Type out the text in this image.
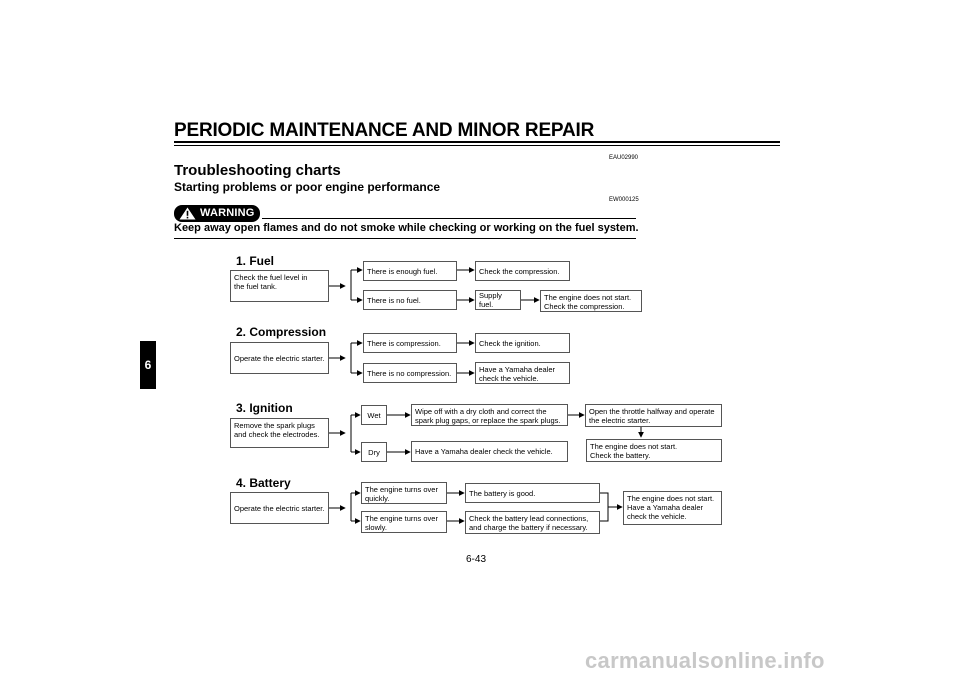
PERIODIC MAINTENANCE AND MINOR REPAIR
EAU02990
Troubleshooting charts
Starting problems or poor engine performance
EW000125
WARNING
Keep away open flames and do not smoke while checking or working on the fuel system.
6
1. Fuel
Check the fuel level in
the fuel tank.
There is enough fuel.	Check the compression.
There is no fuel.	Supply fuel.
The engine does not start.
Check the compression.
2. Compression
Operate the electric starter.
There is compression.	Check the ignition.
There is no compression.	Have a Yamaha dealer
check the vehicle.
3. Ignition
Remove the spark plugs
and check the electrodes.
Wet	Wipe off with a dry cloth and correct the
spark plug gaps, or replace the spark plugs.
Open the throttle halfway and operate
the electric starter.
The engine does not start.
Check the battery.
Dry	Have a Yamaha dealer check the vehicle.
4. Battery
Operate the electric starter.
The engine turns over
quickly.
The battery is good.
The engine turns over
slowly.
Check the battery lead connections,
and charge the battery if necessary.
The engine does not start.
Have a Yamaha dealer
check the vehicle.
6-43
carmanualsonline.info
